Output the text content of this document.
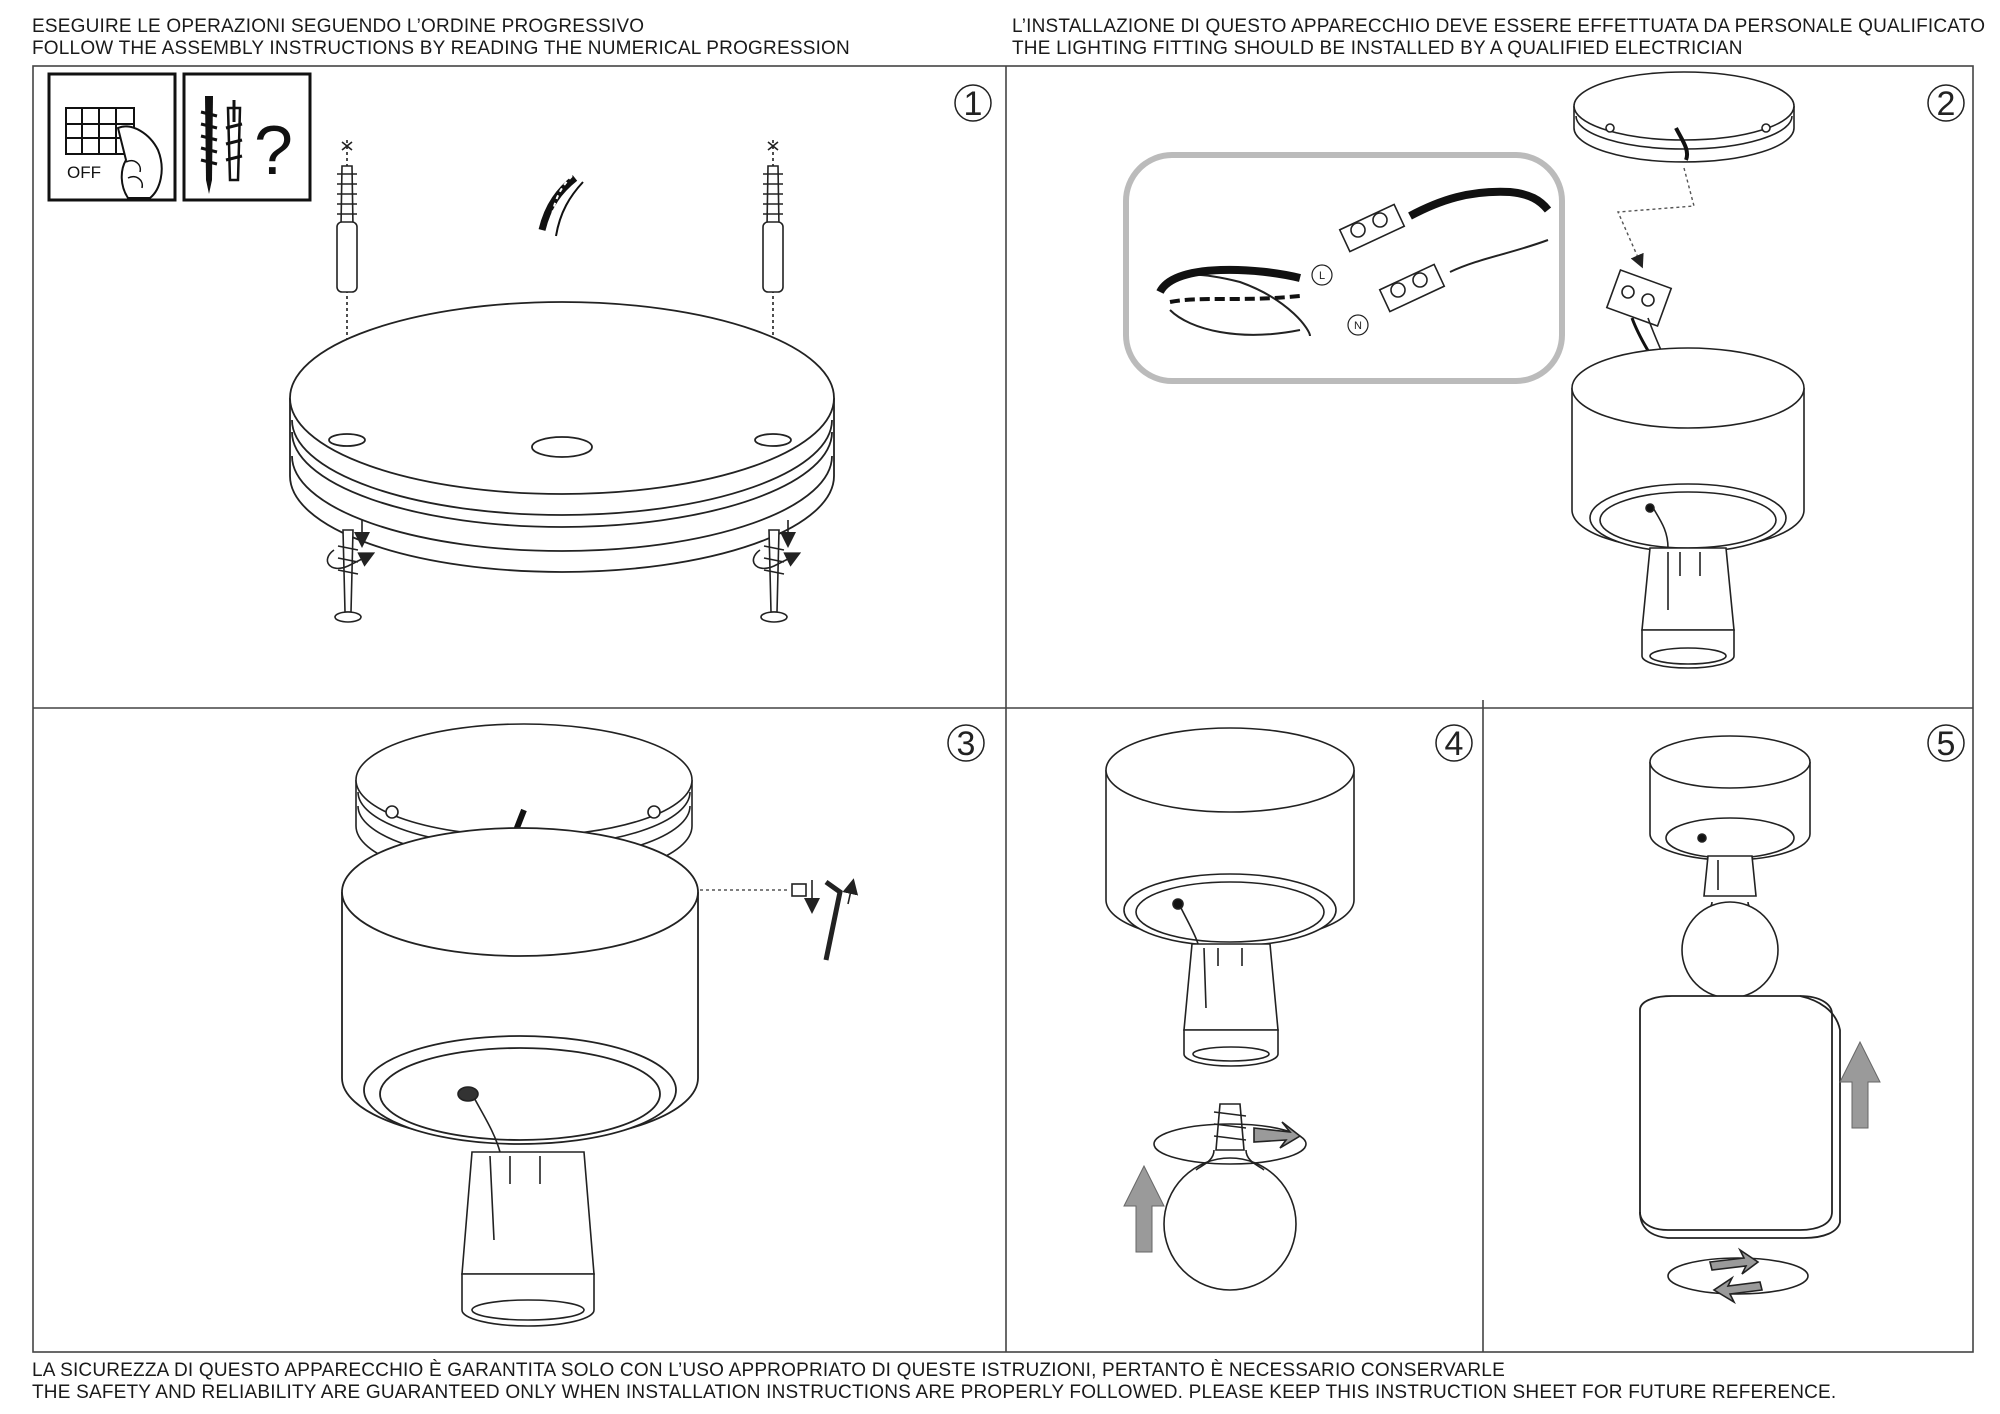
ESEGUIRE LE OPERAZIONI SEGUENDO L’ORDINE PROGRESSIVO
FOLLOW THE ASSEMBLY INSTRUCTIONS BY READING THE NUMERICAL PROGRESSION
L’INSTALLAZIONE DI QUESTO APPARECCHIO DEVE ESSERE EFFETTUATA DA PERSONALE QUALIFICATO
THE LIGHTING FITTING SHOULD BE INSTALLED BY A QUALIFIED ELECTRICIAN
LA SICUREZZA DI QUESTO APPARECCHIO È GARANTITA SOLO CON L’USO APPROPRIATO DI QUESTE ISTRUZIONI, PERTANTO È NECESSARIO CONSERVARLE
THE SAFETY AND RELIABILITY ARE GUARANTEED ONLY WHEN INSTALLATION INSTRUCTIONS ARE PROPERLY FOLLOWED. PLEASE KEEP THIS INSTRUCTION SHEET FOR FUTURE REFERENCE.
OFF ?
1	2
L
N
3	4	5
